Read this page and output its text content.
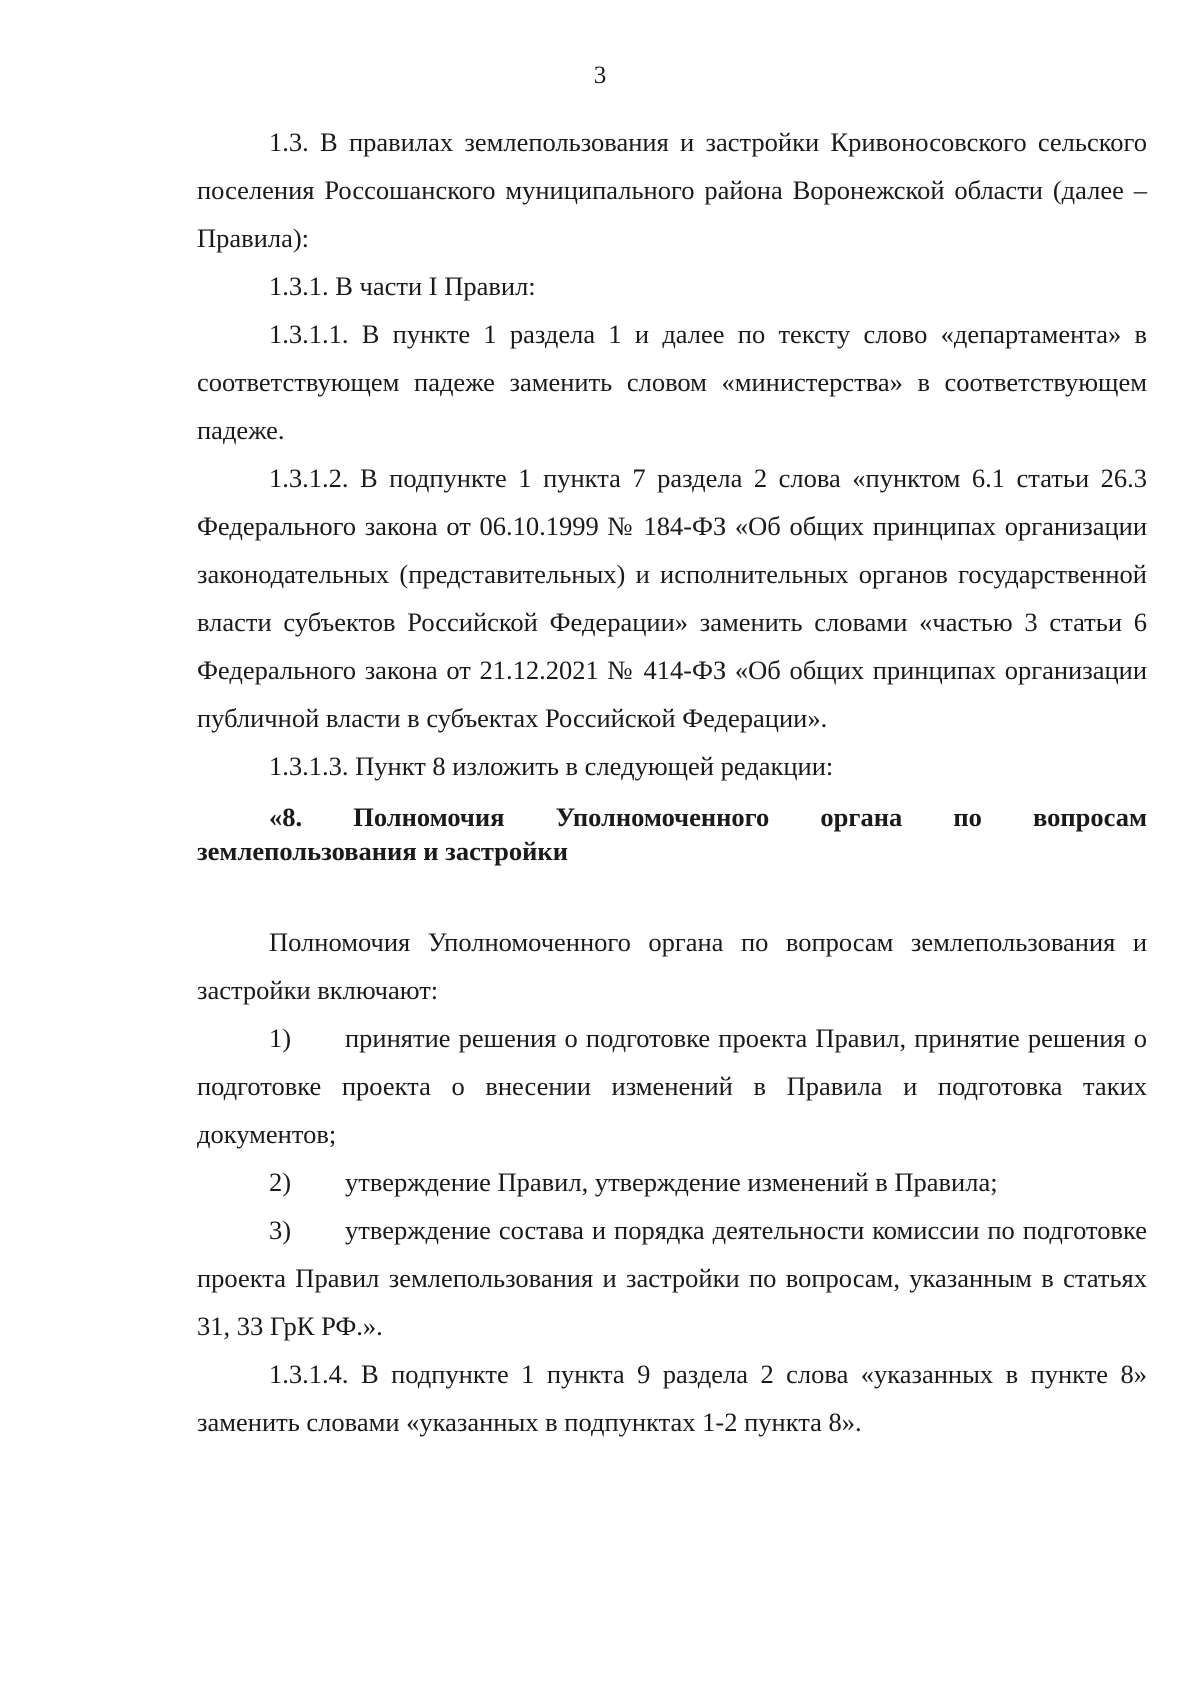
3

1.3. В правилах землепользования и застройки Кривоносовского сельского поселения Россошанского муниципального района Воронежской области (далее – Правила):

1.3.1. В части I Правил:

1.3.1.1. В пункте 1 раздела 1 и далее по тексту слово «департамента» в соответствующем падеже заменить словом «министерства» в соответствующем падеже.

1.3.1.2. В подпункте 1 пункта 7 раздела 2 слова «пунктом 6.1 статьи 26.3 Федерального закона от 06.10.1999 № 184-ФЗ «Об общих принципах организации законодательных (представительных) и исполнительных органов государственной власти субъектов Российской Федерации» заменить словами «частью 3 статьи 6 Федерального закона от 21.12.2021 № 414-ФЗ «Об общих принципах организации публичной власти в субъектах Российской Федерации».

1.3.1.3. Пункт 8 изложить в следующей редакции:

«8. Полномочия Уполномоченного органа по вопросам землепользования и застройки

Полномочия Уполномоченного органа по вопросам землепользования и застройки включают:

1) принятие решения о подготовке проекта Правил, принятие решения о подготовке проекта о внесении изменений в Правила и подготовка таких документов;

2) утверждение Правил, утверждение изменений в Правила;

3) утверждение состава и порядка деятельности комиссии по подготовке проекта Правил землепользования и застройки по вопросам, указанным в статьях 31, 33 ГрК РФ.».

1.3.1.4. В подпункте 1 пункта 9 раздела 2 слова «указанных в пункте 8» заменить словами «указанных в подпунктах 1-2 пункта 8».
